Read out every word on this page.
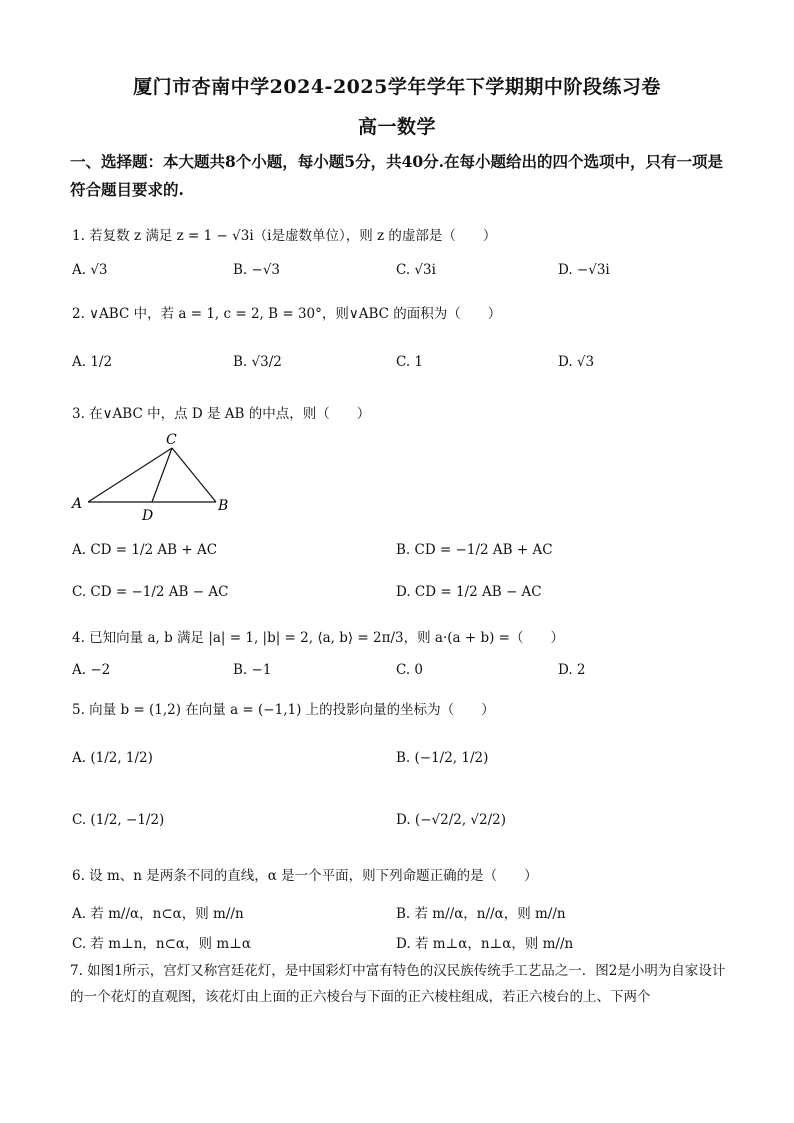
厦门市杏南中学2024-2025学年学年下学期期中阶段练习卷
高一数学
一、选择题：本大题共8个小题，每小题5分，共40分.在每小题给出的四个选项中，只有一项是符合题目要求的.
1. 若复数 z 满足 z = 1 − √3i（i是虚数单位），则 z 的虚部是（　　）
A. √3	B. −√3	C. √3i	D. −√3i
2. ∨ABC 中，若 a = 1, c = 2, B = 30°，则∨ABC 的面积为（　　）
A. 1/2	B. √3/2	C. 1	D. √3
3. 在∨ABC 中，点 D 是 AB 的中点，则（　　）
C
A
D
B
A. CD = 1/2 AB + AC	B. CD = −1/2 AB + AC
C. CD = −1/2 AB − AC	D. CD = 1/2 AB − AC
4. 已知向量 a, b 满足 |a| = 1, |b| = 2, ⟨a, b⟩ = 2π/3，则 a·(a + b) =（　　）
A. −2	B. −1	C. 0	D. 2
5. 向量 b = (1,2) 在向量 a = (−1,1) 上的投影向量的坐标为（　　）
A. (1/2, 1/2)	B. (−1/2, 1/2)
C. (1/2, −1/2)	D. (−√2/2, √2/2)
6. 设 m、n 是两条不同的直线，α 是一个平面，则下列命题正确的是（　　）
A. 若 m//α，n⊂α，则 m//n	B. 若 m//α，n//α，则 m//n
C. 若 m⊥n，n⊂α，则 m⊥α	D. 若 m⊥α，n⊥α，则 m//n
7. 如图1所示，宫灯又称宫廷花灯，是中国彩灯中富有特色的汉民族传统手工艺品之一．图2是小明为自家设计的一个花灯的直观图，该花灯由上面的正六棱台与下面的正六棱柱组成，若正六棱台的上、下两个
